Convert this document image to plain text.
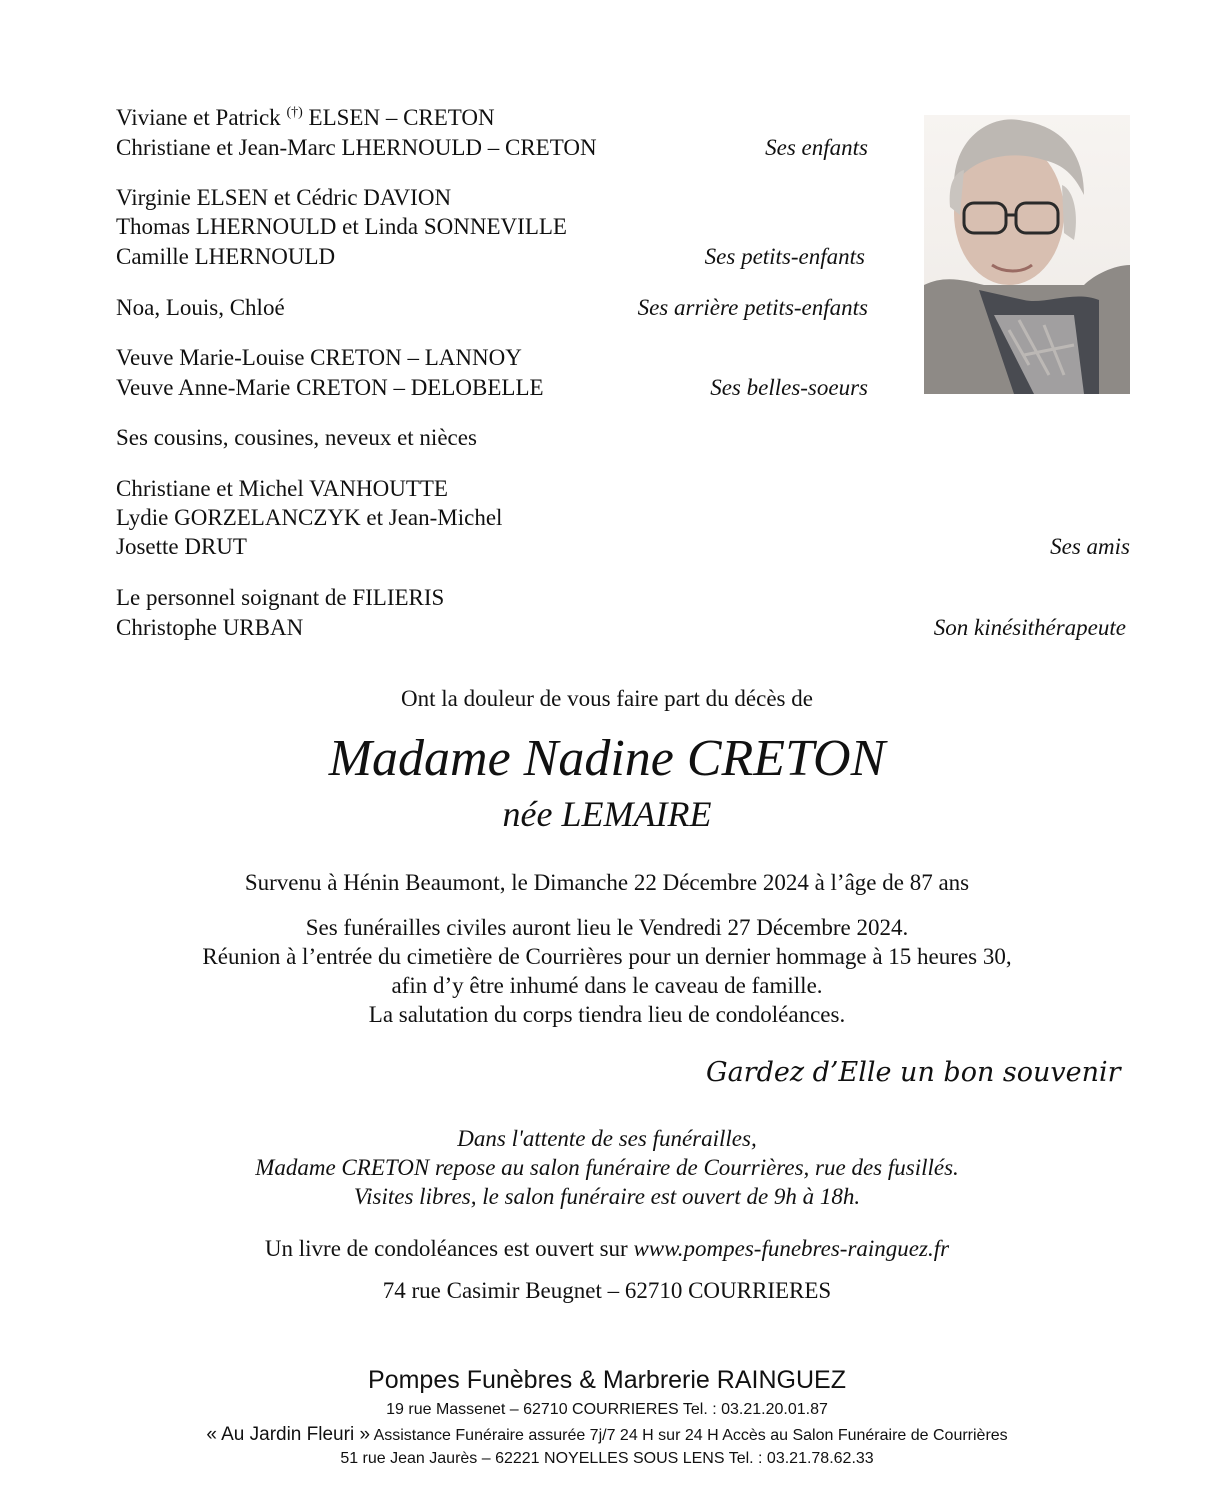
Viviane et Patrick (†) ELSEN – CRETON
Christiane et Jean-Marc LHERNOULD – CRETON	Ses enfants
Virginie ELSEN et Cédric DAVION
Thomas LHERNOULD et Linda SONNEVILLE
Camille LHERNOULD	Ses petits-enfants
Noa, Louis, Chloé	Ses arrière petits-enfants
Veuve Marie-Louise CRETON – LANNOY
Veuve Anne-Marie CRETON – DELOBELLE	Ses belles-soeurs
Ses cousins, cousines, neveux et nièces
Christiane et Michel VANHOUTTE
Lydie GORZELANCZYK et Jean-Michel
Josette DRUT	Ses amis
Le personnel soignant de FILIERIS
Christophe URBAN	Son kinésithérapeute
Ont la douleur de vous faire part du décès de
Madame Nadine CRETON
née LEMAIRE
Survenu à Hénin Beaumont, le Dimanche 22 Décembre 2024 à l’âge de 87 ans
Ses funérailles civiles auront lieu le Vendredi 27 Décembre 2024.
Réunion à l’entrée du cimetière de Courrières pour un dernier hommage à 15 heures 30,
afin d’y être inhumé dans le caveau de famille.
La salutation du corps tiendra lieu de condoléances.
Gardez d’Elle un bon souvenir
Dans l'attente de ses funérailles,
Madame CRETON repose au salon funéraire de Courrières, rue des fusillés.
Visites libres, le salon funéraire est ouvert de 9h à 18h.
Un livre de condoléances est ouvert sur www.pompes-funebres-rainguez.fr
74 rue Casimir Beugnet – 62710 COURRIERES
Pompes Funèbres & Marbrerie RAINGUEZ
19 rue Massenet – 62710 COURRIERES Tel. : 03.21.20.01.87
« Au Jardin Fleuri » Assistance Funéraire assurée 7j/7 24 H sur 24 H Accès au Salon Funéraire de Courrières
51 rue Jean Jaurès – 62221 NOYELLES SOUS LENS Tel. : 03.21.78.62.33
